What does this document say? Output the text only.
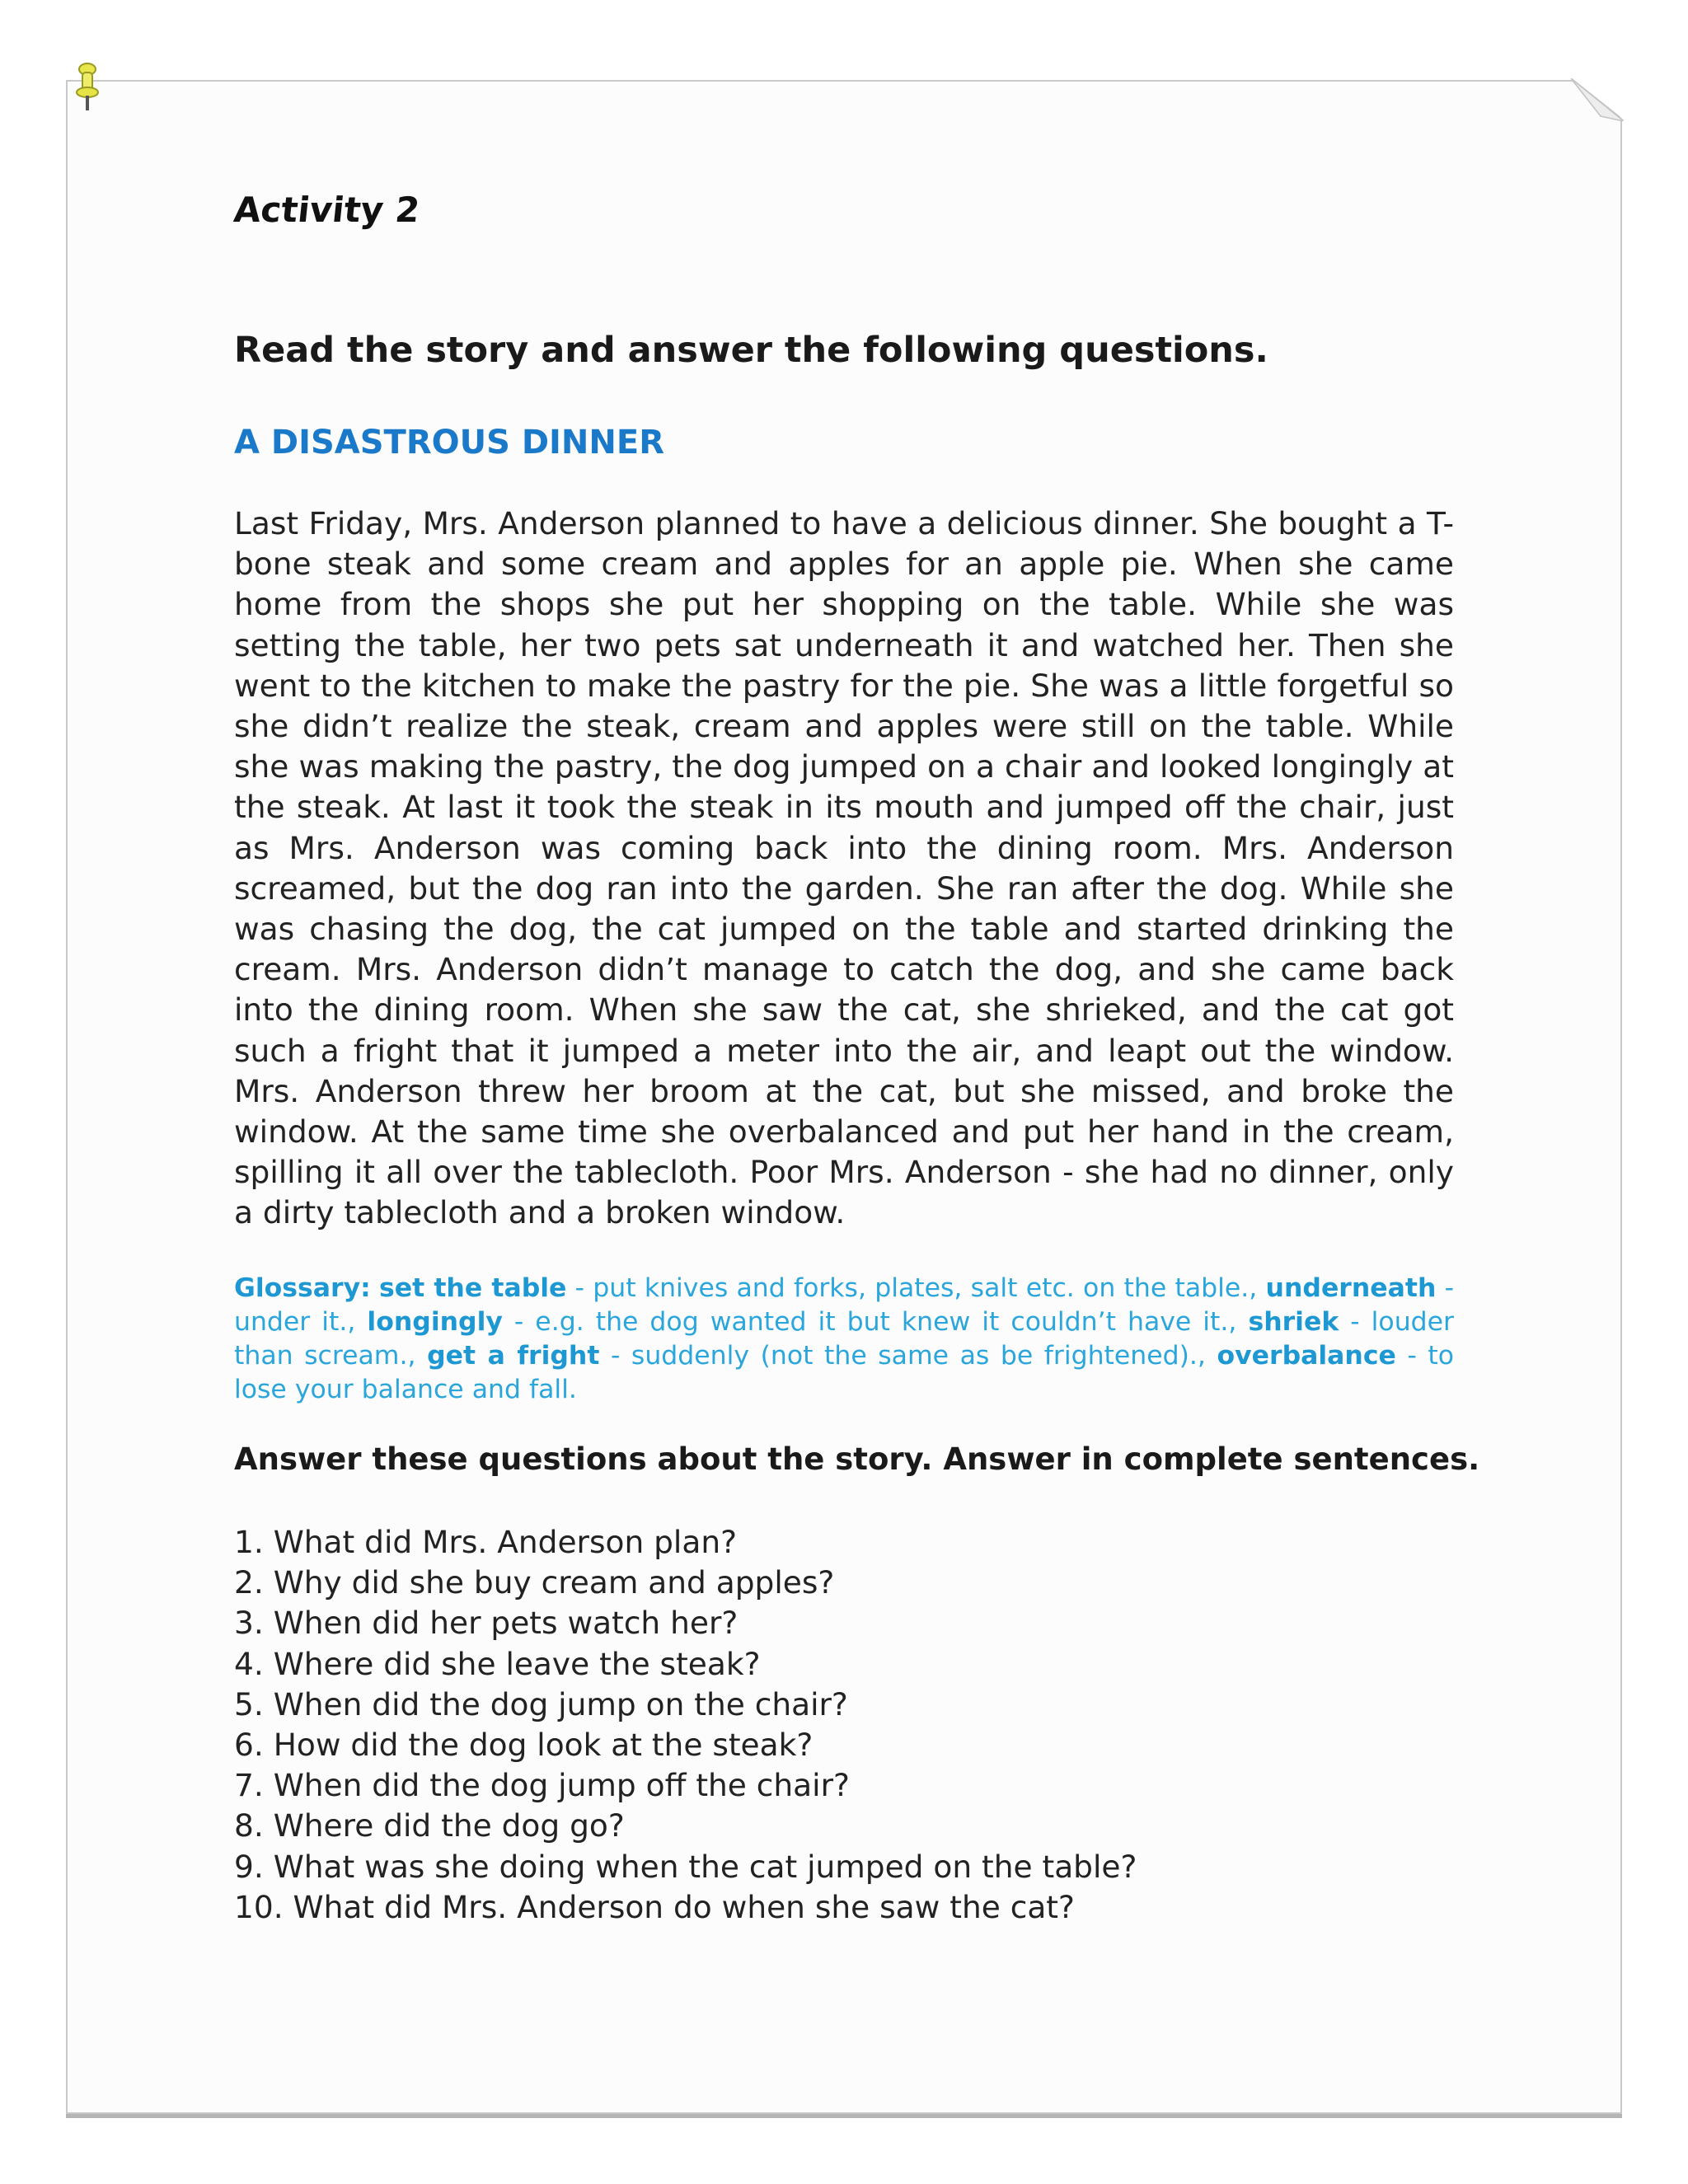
Activity 2
Read the story and answer the following questions.
A DISASTROUS DINNER

Last Friday, Mrs. Anderson planned to have a delicious dinner. She bought a T-bone steak and some cream and apples for an apple pie. When she came home from the shops she put her shopping on the table. While she was setting the table, her two pets sat underneath it and watched her. Then she went to the kitchen to make the pastry for the pie. She was a little forgetful so she didn’t realize the steak, cream and apples were still on the table. While she was making the pastry, the dog jumped on a chair and looked longingly at the steak. At last it took the steak in its mouth and jumped off the chair, just as Mrs. Anderson was coming back into the dining room. Mrs. Anderson screamed, but the dog ran into the garden. She ran after the dog. While she was chasing the dog, the cat jumped on the table and started drinking the cream. Mrs. Anderson didn’t manage to catch the dog, and she came back into the dining room. When she saw the cat, she shrieked, and the cat got such a fright that it jumped a meter into the air, and leapt out the window. Mrs. Anderson threw her broom at the cat, but she missed, and broke the window. At the same time she overbalanced and put her hand in the cream, spilling it all over the tablecloth. Poor Mrs. Anderson - she had no dinner, only a dirty tablecloth and a broken window.

Glossary: set the table - put knives and forks, plates, salt etc. on the table., underneath - under it., longingly - e.g. the dog wanted it but knew it couldn’t have it., shriek - louder than scream., get a fright - suddenly (not the same as be frightened)., overbalance - to lose your balance and fall.

Answer these questions about the story. Answer in complete sentences.
1. What did Mrs. Anderson plan?
2. Why did she buy cream and apples?
3. When did her pets watch her?
4. Where did she leave the steak?
5. When did the dog jump on the chair?
6. How did the dog look at the steak?
7. When did the dog jump off the chair?
8. Where did the dog go?
9. What was she doing when the cat jumped on the table?
10. What did Mrs. Anderson do when she saw the cat?
